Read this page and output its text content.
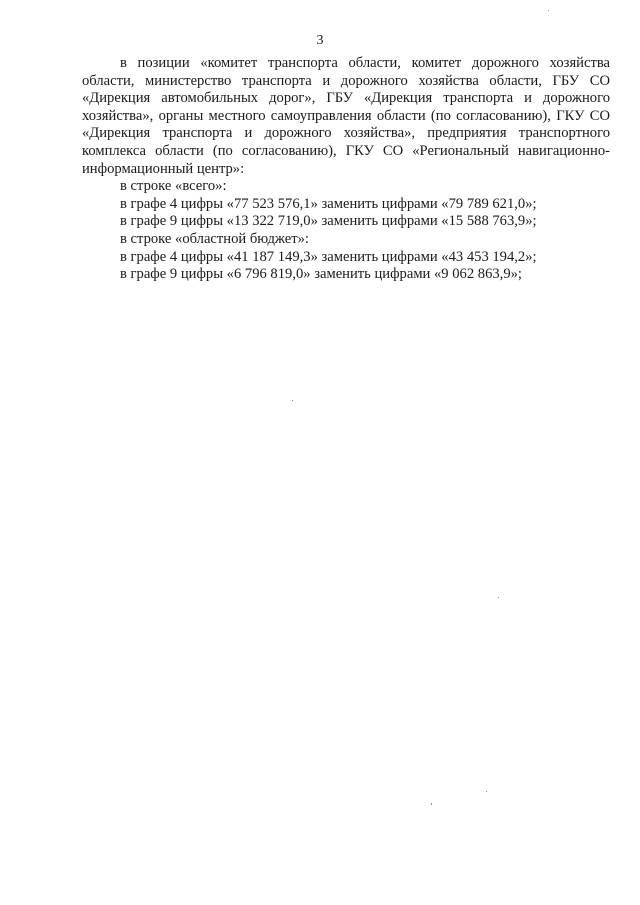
3

в позиции «комитет транспорта области, комитет дорожного хозяйства области, министерство транспорта и дорожного хозяйства области, ГБУ СО «Дирекция автомобильных дорог», ГБУ «Дирекция транспорта и дорожного хозяйства», органы местного самоуправления области (по согласованию), ГКУ СО «Дирекция транспорта и дорожного хозяйства», предприятия транспортного комплекса области (по согласованию), ГКУ СО «Региональный навигационно-информационный центр»:

в строке «всего»:

в графе 4 цифры «77 523 576,1» заменить цифрами «79 789 621,0»;

в графе 9 цифры «13 322 719,0» заменить цифрами «15 588 763,9»;

в строке «областной бюджет»:

в графе 4 цифры «41 187 149,3» заменить цифрами «43 453 194,2»;

в графе 9 цифры «6 796 819,0» заменить цифрами «9 062 863,9»;
